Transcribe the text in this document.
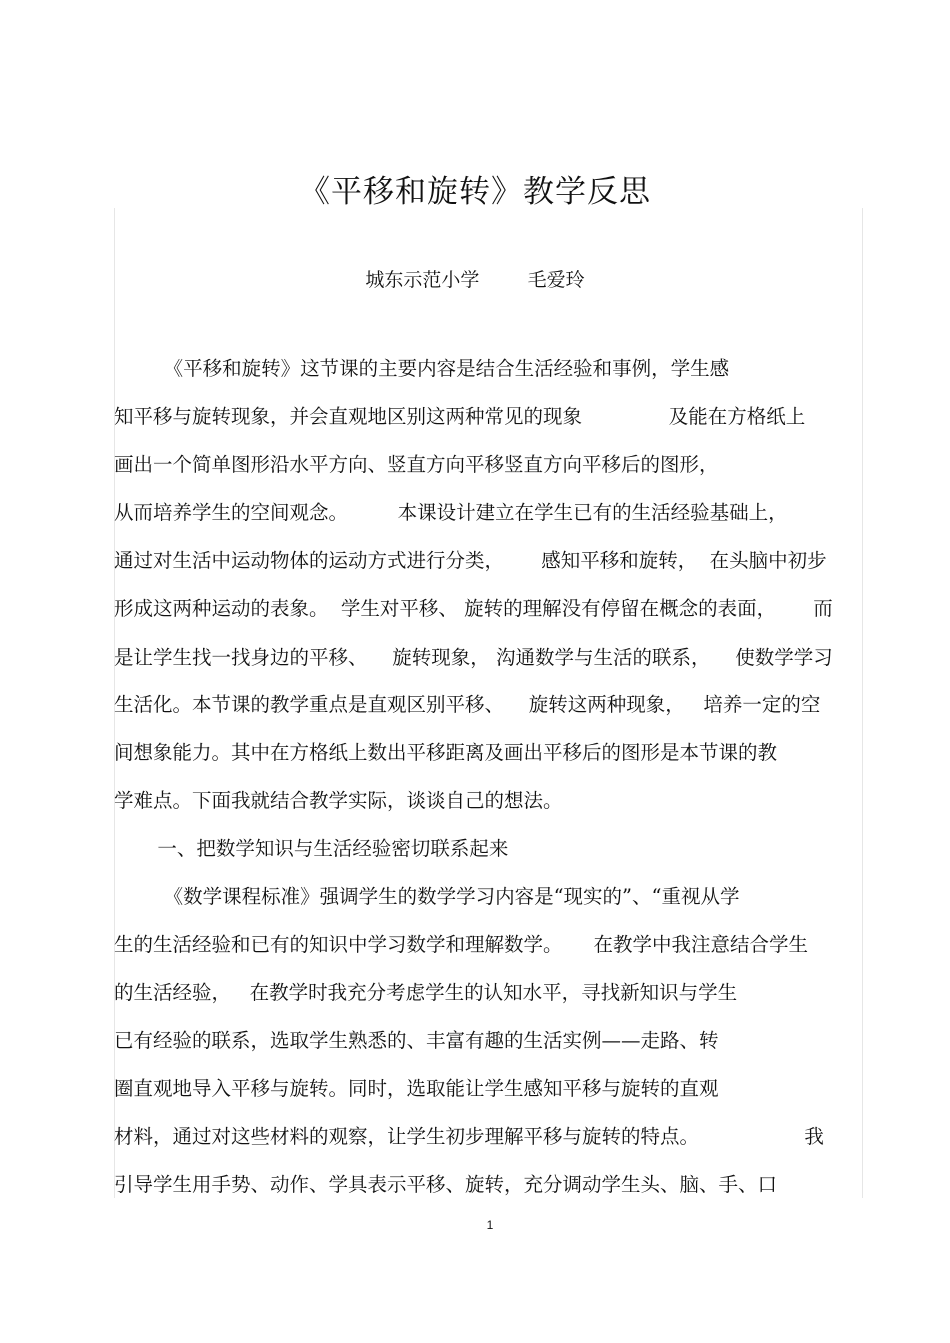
《平移和旋转》教学反思
城东示范小学        毛爱玲
《平移和旋转》这节课的主要内容是结合生活经验和事例，学生感
知平移与旋转现象，并会直观地区别这两种常见的现象              及能在方格纸上
画出一个简单图形沿水平方向、竖直方向平移竖直方向平移后的图形，
从而培养学生的空间观念。        本课设计建立在学生已有的生活经验基础上，
通过对生活中运动物体的运动方式进行分类，      感知平移和旋转，  在头脑中初步
形成这两种运动的表象。  学生对平移、 旋转的理解没有停留在概念的表面，      而
是让学生找一找身边的平移、    旋转现象， 沟通数学与生活的联系，    使数学学习
生活化。本节课的教学重点是直观区别平移、    旋转这两种现象，   培养一定的空
间想象能力。其中在方格纸上数出平移距离及画出平移后的图形是本节课的教
学难点。下面我就结合教学实际，谈谈自己的想法。
一、把数学知识与生活经验密切联系起来
《数学课程标准》强调学生的数学学习内容是“现实的”、“重视从学
生的生活经验和已有的知识中学习数学和理解数学。     在教学中我注意结合学生
的生活经验，   在教学时我充分考虑学生的认知水平，寻找新知识与学生
已有经验的联系，选取学生熟悉的、丰富有趣的生活实例——走路、转
圈直观地导入平移与旋转。同时，选取能让学生感知平移与旋转的直观
材料，通过对这些材料的观察，让学生初步理解平移与旋转的特点。                 我
引导学生用手势、动作、学具表示平移、旋转，充分调动学生头、脑、手、口
1
